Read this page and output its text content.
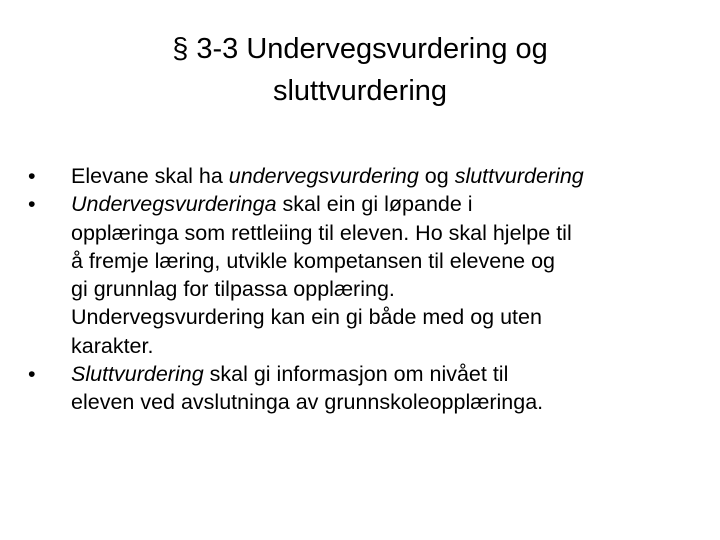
§ 3-3 Undervegsvurdering og
sluttvurdering
•	Elevane skal ha undervegsvurdering og sluttvurdering
•	Undervegsvurderinga skal ein gi løpande i
opplæringa som rettleiing til eleven. Ho skal hjelpe til
å fremje læring, utvikle kompetansen til elevene og
gi grunnlag for tilpassa opplæring.
Undervegsvurdering kan ein gi både med og uten
karakter.
•	Sluttvurdering skal gi informasjon om nivået til
eleven ved avslutninga av grunnskoleopplæringa.
